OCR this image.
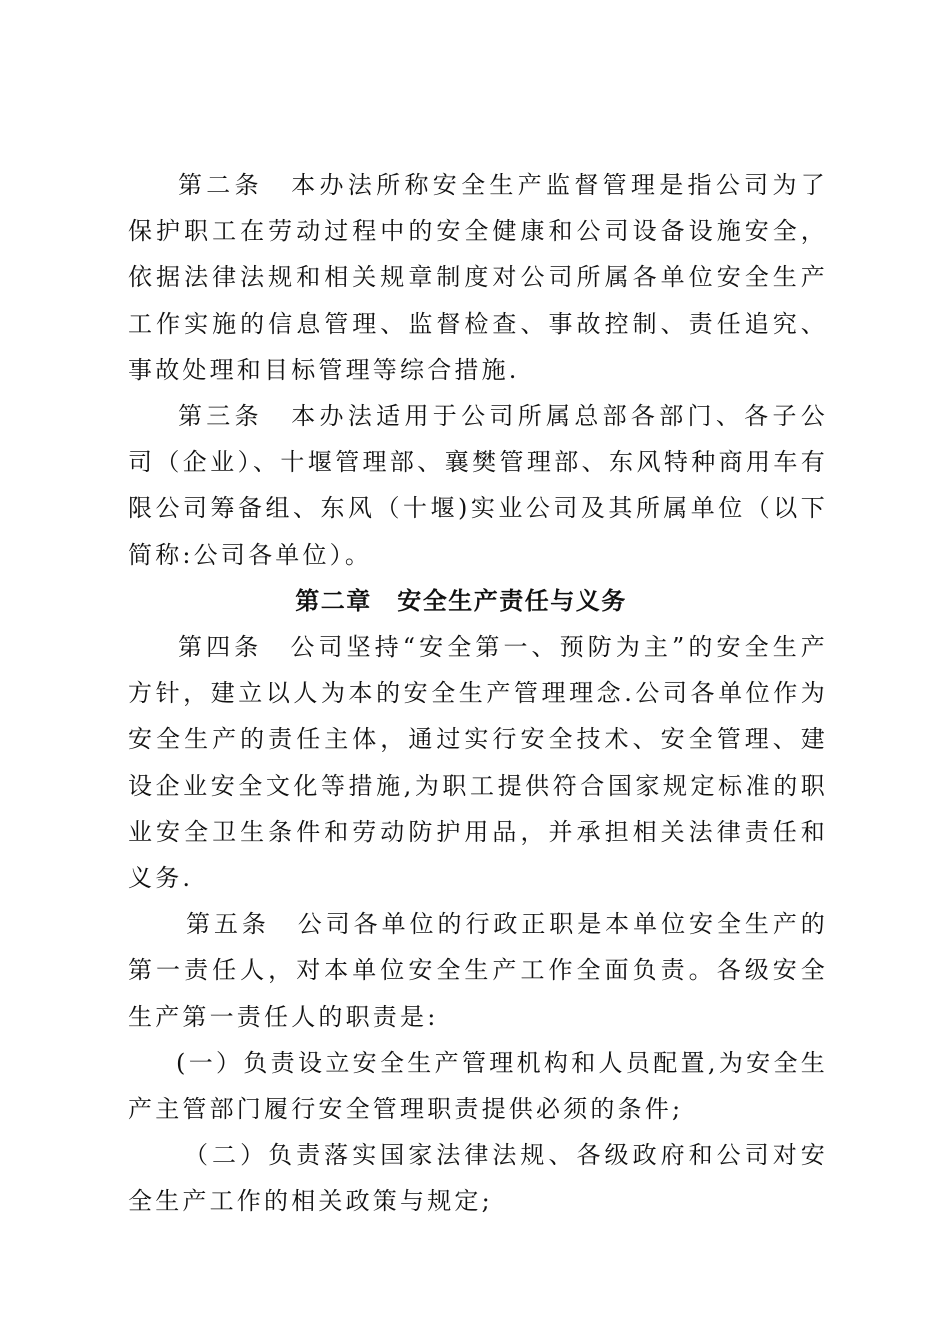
第二条　本办法所称安全生产监督管理是指公司为了保护职工在劳动过程中的安全健康和公司设备设施安全，依据法律法规和相关规章制度对公司所属各单位安全生产工作实施的信息管理、监督检查、事故控制、责任追究、事故处理和目标管理等综合措施.

第三条　本办法适用于公司所属总部各部门、各子公司（企业）、十堰管理部、襄樊管理部、东风特种商用车有限公司筹备组、东风（十堰)实业公司及其所属单位（以下简称:公司各单位）。

第二章　安全生产责任与义务

第四条　公司坚持“安全第一、预防为主”的安全生产方针，建立以人为本的安全生产管理理念.公司各单位作为安全生产的责任主体，通过实行安全技术、安全管理、建设企业安全文化等措施,为职工提供符合国家规定标准的职业安全卫生条件和劳动防护用品，并承担相关法律责任和义务.

第五条　公司各单位的行政正职是本单位安全生产的第一责任人，对本单位安全生产工作全面负责。各级安全生产第一责任人的职责是:

(一）负责设立安全生产管理机构和人员配置,为安全生产主管部门履行安全管理职责提供必须的条件;

（二）负责落实国家法律法规、各级政府和公司对安全生产工作的相关政策与规定;
